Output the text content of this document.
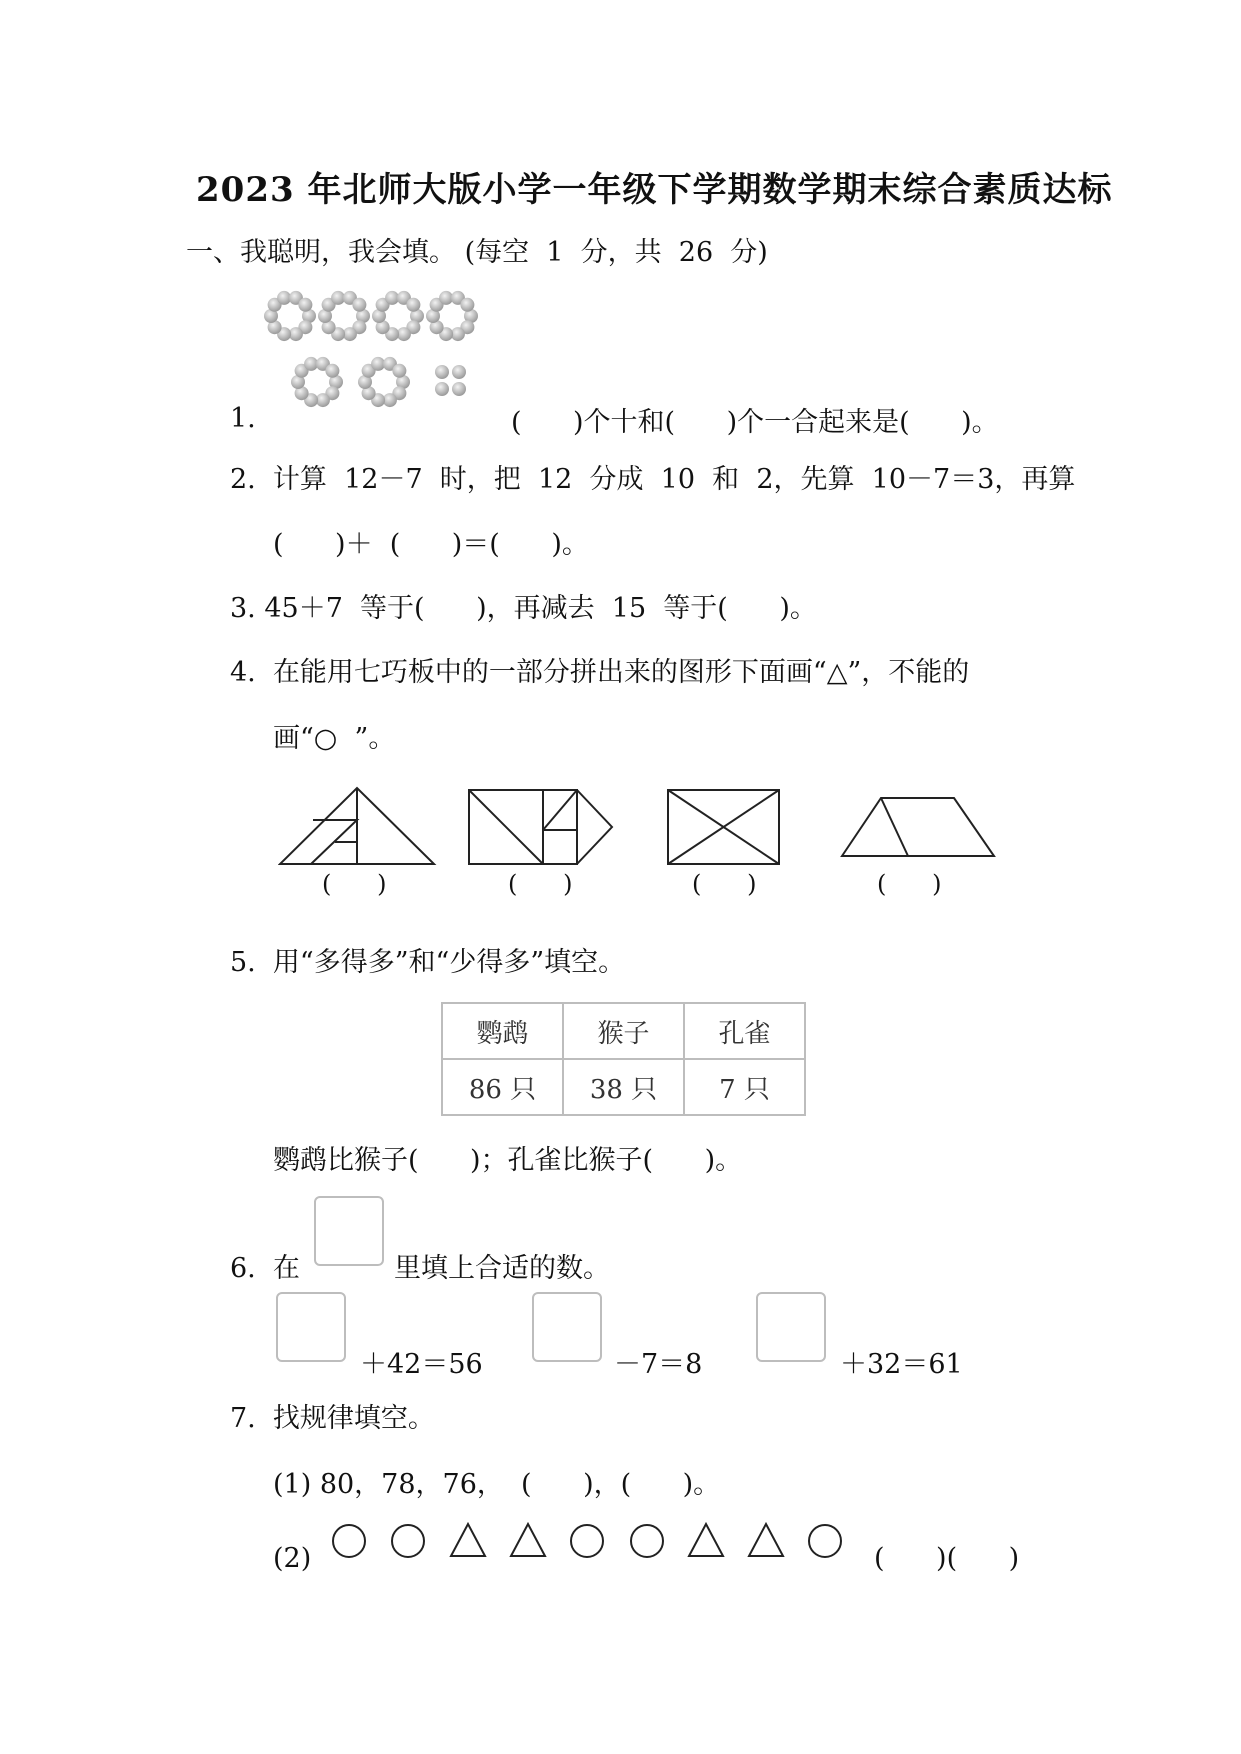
2023 年北师大版小学一年级下学期数学期末综合素质达标
一、我聪明，我会填。 (每空  1  分，共  26  分)
1.	(      )个十和(      )个一合起来是(      )。
2.  计算  12－7  时，把  12  分成  10  和  2，先算  10－7＝3，再算
(      )＋  (      )＝(      )。
3. 45＋7  等于(      )，再减去  15  等于(      )。
4.  在能用七巧板中的一部分拼出来的图形下面画“△”，不能的
画“○  ”。
(      )	(      )	(      )	(      )
5.  用“多得多”和“少得多”填空。
鹦鹉	猴子	孔雀
86 只	38 只	7 只
鹦鹉比猴子(      )；孔雀比猴子(      )。
6.  在	里填上合适的数。
＋42＝56	－7＝8	＋32＝61
7.  找规律填空。
(1) 80，78，76，  (      )，(      )。
(2)	(      )(      )
